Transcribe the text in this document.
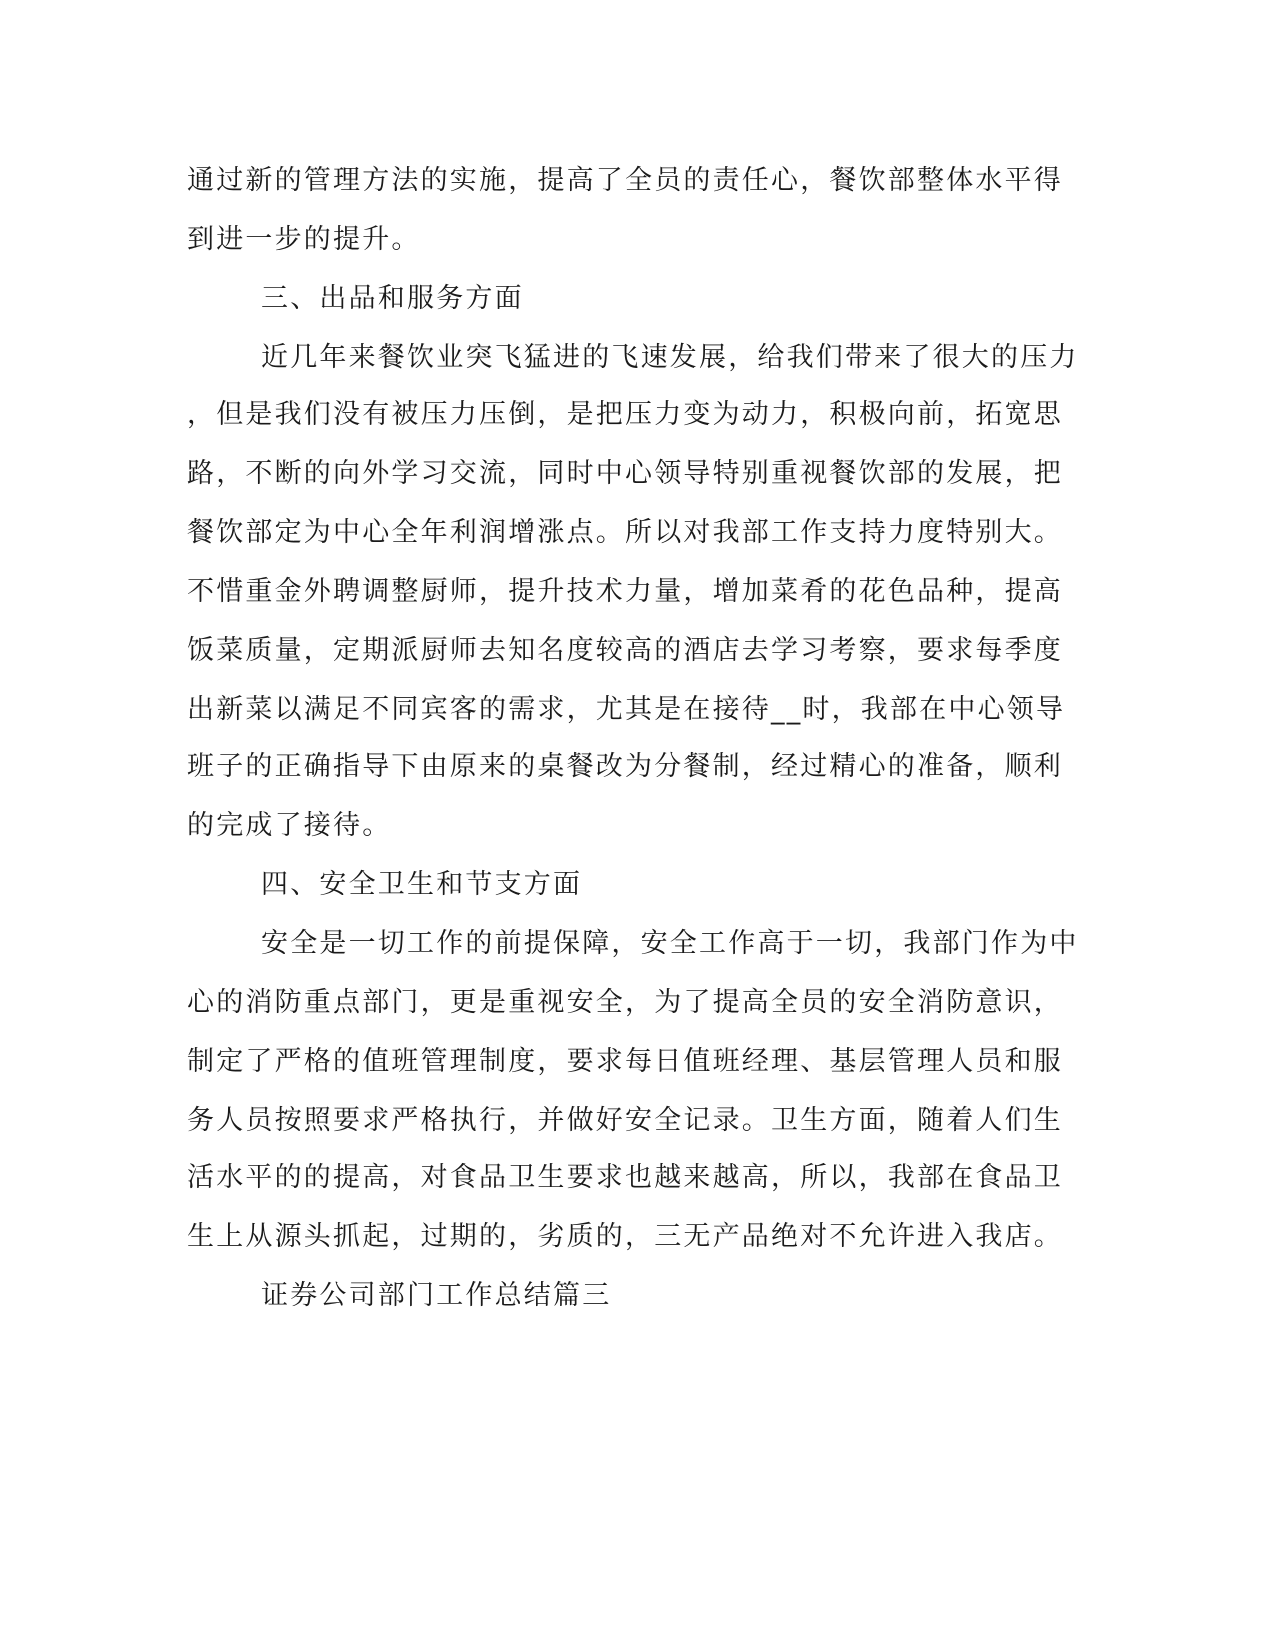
通过新的管理方法的实施，提高了全员的责任心，餐饮部整体水平得

到进一步的提升。

三、出品和服务方面

近几年来餐饮业突飞猛进的飞速发展，给我们带来了很大的压力

，但是我们没有被压力压倒，是把压力变为动力，积极向前，拓宽思

路，不断的向外学习交流，同时中心领导特别重视餐饮部的发展，把

餐饮部定为中心全年利润增涨点。所以对我部工作支持力度特别大。

不惜重金外聘调整厨师，提升技术力量，增加菜肴的花色品种，提高

饭菜质量，定期派厨师去知名度较高的酒店去学习考察，要求每季度

出新菜以满足不同宾客的需求，尤其是在接待__时，我部在中心领导

班子的正确指导下由原来的桌餐改为分餐制，经过精心的准备，顺利

的完成了接待。

四、安全卫生和节支方面

安全是一切工作的前提保障，安全工作高于一切，我部门作为中

心的消防重点部门，更是重视安全，为了提高全员的安全消防意识，

制定了严格的值班管理制度，要求每日值班经理、基层管理人员和服

务人员按照要求严格执行，并做好安全记录。卫生方面，随着人们生

活水平的的提高，对食品卫生要求也越来越高，所以，我部在食品卫

生上从源头抓起，过期的，劣质的，三无产品绝对不允许进入我店。

证券公司部门工作总结篇三
